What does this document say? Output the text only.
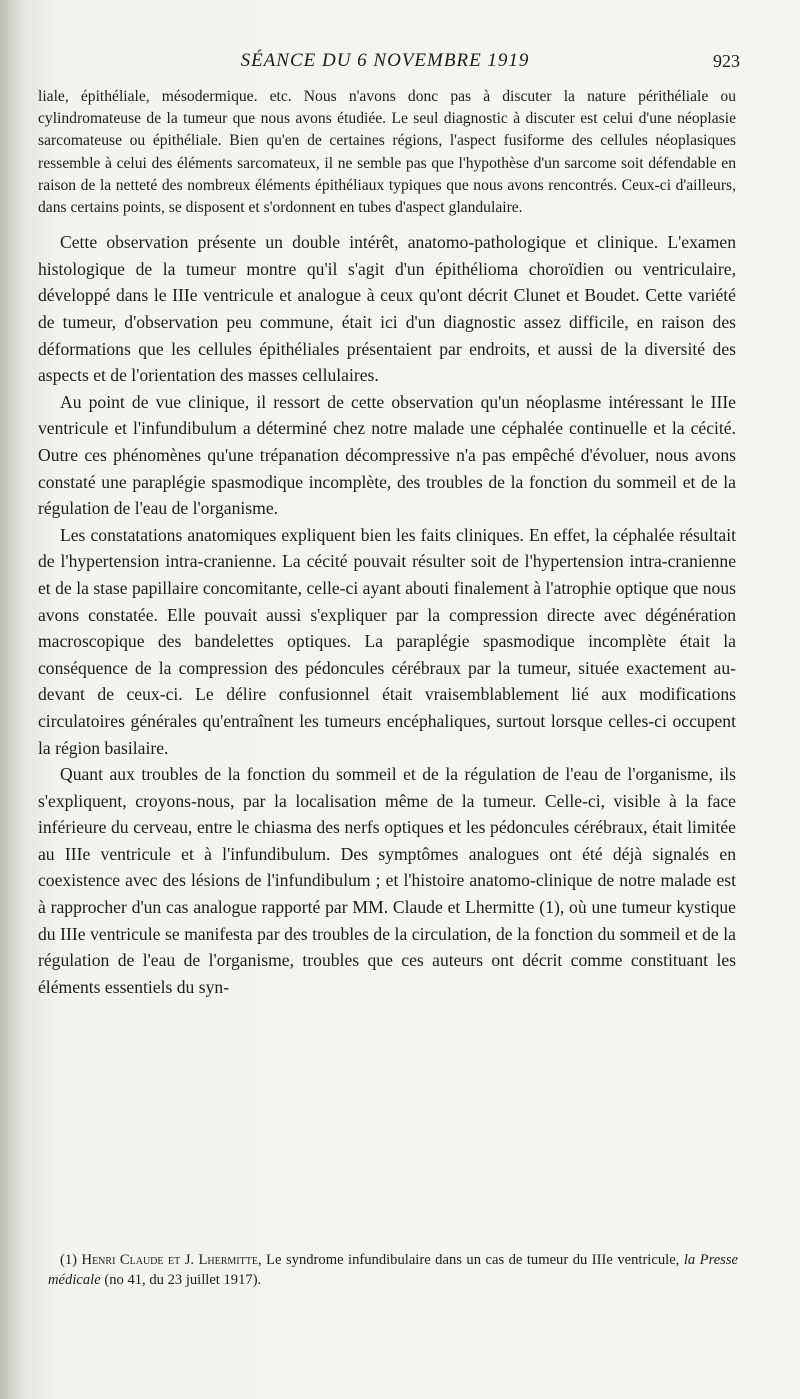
SÉANCE DU 6 NOVEMBRE 1919	923

liale, épithéliale, mésodermique. etc. Nous n'avons donc pas à discuter la nature périthéliale ou cylindromateuse de la tumeur que nous avons étudiée. Le seul diagnostic à discuter est celui d'une néoplasie sarcomateuse ou épithéliale. Bien qu'en de certaines régions, l'aspect fusiforme des cellules néoplasiques ressemble à celui des éléments sarcomateux, il ne semble pas que l'hypothèse d'un sarcome soit défendable en raison de la netteté des nombreux éléments épithéliaux typiques que nous avons rencontrés. Ceux-ci d'ailleurs, dans certains points, se disposent et s'ordonnent en tubes d'aspect glandulaire.

Cette observation présente un double intérêt, anatomo-pathologique et clinique. L'examen histologique de la tumeur montre qu'il s'agit d'un épithélioma choroïdien ou ventriculaire, développé dans le IIIe ventricule et analogue à ceux qu'ont décrit Clunet et Boudet. Cette variété de tumeur, d'observation peu commune, était ici d'un diagnostic assez difficile, en raison des déformations que les cellules épithéliales présentaient par endroits, et aussi de la diversité des aspects et de l'orientation des masses cellulaires.

Au point de vue clinique, il ressort de cette observation qu'un néoplasme intéressant le IIIe ventricule et l'infundibulum a déterminé chez notre malade une céphalée continuelle et la cécité. Outre ces phénomènes qu'une trépanation décompressive n'a pas empêché d'évoluer, nous avons constaté une paraplégie spasmodique incomplète, des troubles de la fonction du sommeil et de la régulation de l'eau de l'organisme.

Les constatations anatomiques expliquent bien les faits cliniques. En effet, la céphalée résultait de l'hypertension intra-cranienne. La cécité pouvait résulter soit de l'hypertension intra-cranienne et de la stase papillaire concomitante, celle-ci ayant abouti finalement à l'atrophie optique que nous avons constatée. Elle pouvait aussi s'expliquer par la compression directe avec dégénération macroscopique des bandelettes optiques. La paraplégie spasmodique incomplète était la conséquence de la compression des pédoncules cérébraux par la tumeur, située exactement au-devant de ceux-ci. Le délire confusionnel était vraisemblablement lié aux modifications circulatoires générales qu'entraînent les tumeurs encéphaliques, surtout lorsque celles-ci occupent la région basilaire.

Quant aux troubles de la fonction du sommeil et de la régulation de l'eau de l'organisme, ils s'expliquent, croyons-nous, par la localisation même de la tumeur. Celle-ci, visible à la face inférieure du cerveau, entre le chiasma des nerfs optiques et les pédoncules cérébraux, était limitée au IIIe ventricule et à l'infundibulum. Des symptômes analogues ont été déjà signalés en coexistence avec des lésions de l'infundibulum ; et l'histoire anatomo-clinique de notre malade est à rapprocher d'un cas analogue rapporté par MM. Claude et Lhermitte (1), où une tumeur kystique du IIIe ventricule se manifesta par des troubles de la circulation, de la fonction du sommeil et de la régulation de l'eau de l'organisme, troubles que ces auteurs ont décrit comme constituant les éléments essentiels du syn-

(1) Henri Claude et J. Lhermitte, Le syndrome infundibulaire dans un cas de tumeur du IIIe ventricule, la Presse médicale (no 41, du 23 juillet 1917).
